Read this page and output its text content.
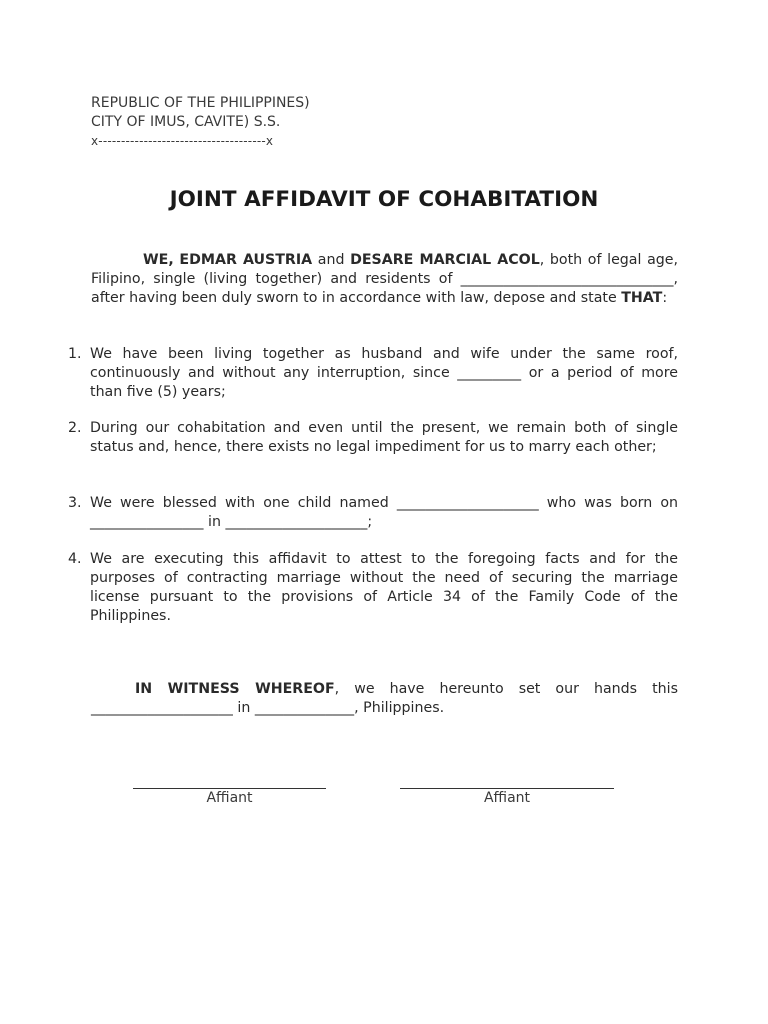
REPUBLIC OF THE PHILIPPINES)
CITY OF IMUS, CAVITE) S.S.
x-------------------------------------x
JOINT AFFIDAVIT OF COHABITATION
WE, EDMAR AUSTRIA and DESARE MARCIAL ACOL, both of legal age, Filipino, single (living together) and residents of ______________________________, after having been duly sworn to in accordance with law, depose and state THAT:
1. We have been living together as husband and wife under the same roof, continuously and without any interruption, since _________ or a period of more than five (5) years;
2. During our cohabitation and even until the present, we remain both of single status and, hence, there exists no legal impediment for us to marry each other;
3. We were blessed with one child named ____________________ who was born on ________________ in ____________________;
4. We are executing this affidavit to attest to the foregoing facts and for the purposes of contracting marriage without the need of securing the marriage license pursuant to the provisions of Article 34 of the Family Code of the Philippines.
IN WITNESS WHEREOF, we have hereunto set our hands this ____________________ in ______________, Philippines.
Affiant	Affiant
